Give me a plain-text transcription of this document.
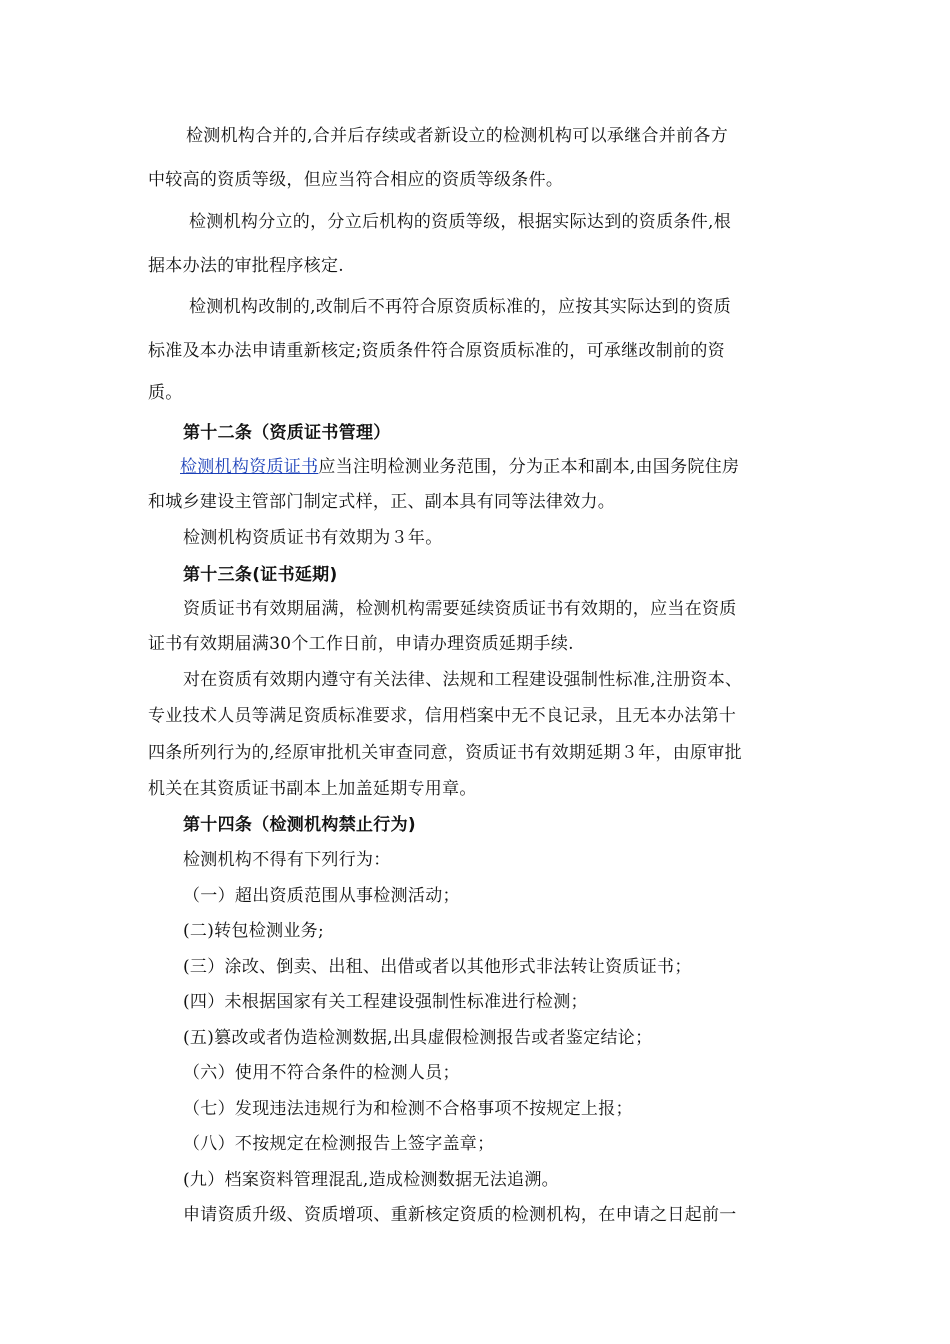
检测机构合并的,合并后存续或者新设立的检测机构可以承继合并前各方
中较高的资质等级，但应当符合相应的资质等级条件。
检测机构分立的，分立后机构的资质等级，根据实际达到的资质条件,根
据本办法的审批程序核定.
检测机构改制的,改制后不再符合原资质标准的，应按其实际达到的资质
标准及本办法申请重新核定;资质条件符合原资质标准的，可承继改制前的资
质。
第十二条（资质证书管理）
检测机构资质证书应当注明检测业务范围，分为正本和副本,由国务院住房
和城乡建设主管部门制定式样，正、副本具有同等法律效力。
检测机构资质证书有效期为３年。
第十三条(证书延期)
资质证书有效期届满，检测机构需要延续资质证书有效期的，应当在资质
证书有效期届满30个工作日前，申请办理资质延期手续.
对在资质有效期内遵守有关法律、法规和工程建设强制性标准,注册资本、
专业技术人员等满足资质标准要求，信用档案中无不良记录，且无本办法第十
四条所列行为的,经原审批机关审查同意，资质证书有效期延期３年，由原审批
机关在其资质证书副本上加盖延期专用章。
第十四条（检测机构禁止行为)
检测机构不得有下列行为：
（一）超出资质范围从事检测活动；
(二)转包检测业务;
(三）涂改、倒卖、出租、出借或者以其他形式非法转让资质证书；
(四）未根据国家有关工程建设强制性标准进行检测；
(五)篡改或者伪造检测数据,出具虚假检测报告或者鉴定结论；
（六）使用不符合条件的检测人员；
（七）发现违法违规行为和检测不合格事项不按规定上报；
（八）不按规定在检测报告上签字盖章；
(九）档案资料管理混乱,造成检测数据无法追溯。
申请资质升级、资质增项、重新核定资质的检测机构，在申请之日起前一
